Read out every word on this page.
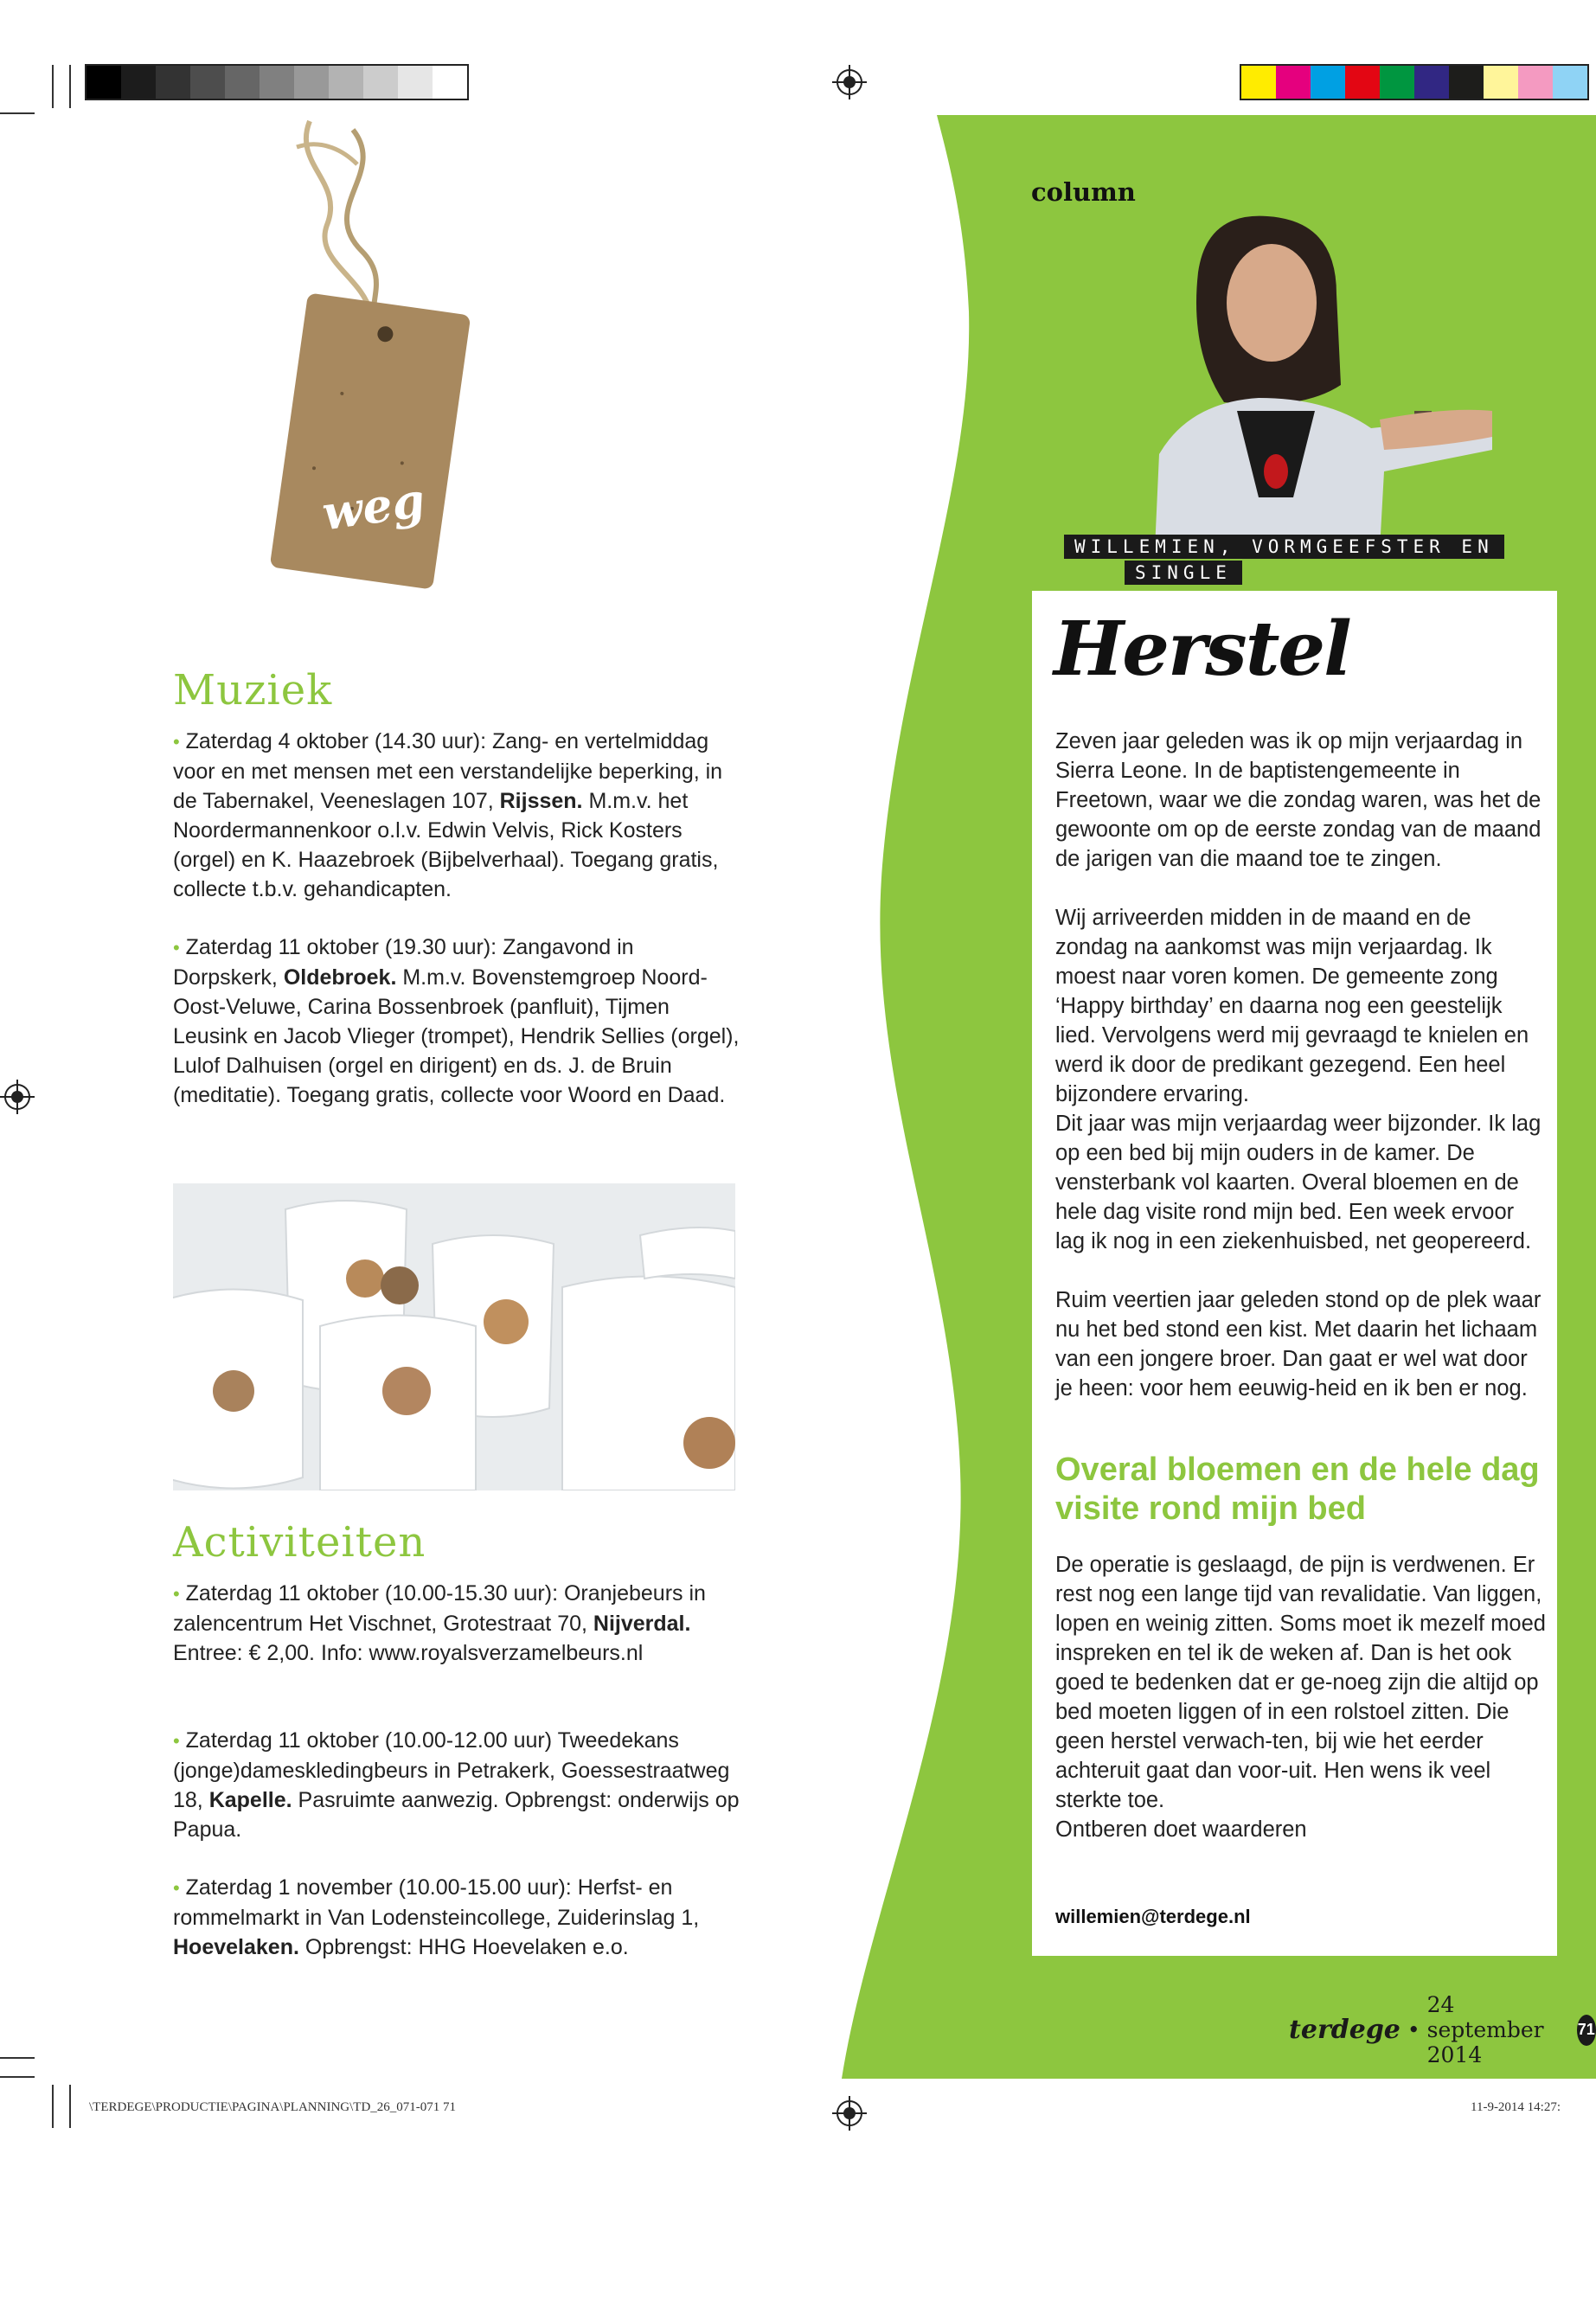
weg
Muziek
• Zaterdag 4 oktober (14.30 uur): Zang- en vertelmiddag voor en met mensen met een verstandelijke beperking, in de Tabernakel, Veeneslagen 107, Rijssen. M.m.v. het Noordermannenkoor o.l.v. Edwin Velvis, Rick Kosters (orgel) en K. Haazebroek (Bijbelverhaal). Toegang gratis, collecte t.b.v. gehandicapten.
• Zaterdag 11 oktober (19.30 uur): Zangavond in Dorpskerk, Oldebroek. M.m.v. Bovenstemgroep Noord-Oost-Veluwe, Carina Bossenbroek (panfluit), Tijmen Leusink en Jacob Vlieger (trompet), Hendrik Sellies (orgel), Lulof Dalhuisen (orgel en dirigent) en ds. J. de Bruin (meditatie). Toegang gratis, collecte voor Woord en Daad.
Activiteiten
• Zaterdag 11 oktober (10.00-15.30 uur): Oranjebeurs in zalencentrum Het Vischnet, Grotestraat 70, Nijverdal. Entree: € 2,00. Info: www.royalsverzamelbeurs.nl
• Zaterdag 11 oktober (10.00-12.00 uur) Tweedekans (jonge)dameskledingbeurs in Petrakerk, Goessestraatweg 18, Kapelle. Pasruimte aanwezig. Opbrengst: onderwijs op Papua.
• Zaterdag 1 november (10.00-15.00 uur): Herfst- en rommelmarkt in Van Lodensteincollege, Zuiderinslag 1, Hoevelaken. Opbrengst: HHG Hoevelaken e.o.
column
WILLEMIEN, VORMGEEFSTER EN
SINGLE
Herstel
Zeven jaar geleden was ik op mijn verjaardag in Sierra Leone. In de baptistengemeente in Freetown, waar we die zondag waren, was het de gewoonte om op de eerste zondag van de maand de jarigen van die maand toe te zingen.
Wij arriveerden midden in de maand en de zondag na aankomst was mijn verjaardag. Ik moest naar voren komen. De gemeente zong ‘Happy birthday’ en daarna nog een geestelijk lied. Vervolgens werd mij gevraagd te knielen en werd ik door de predikant gezegend. Een heel bijzondere ervaring.
Dit jaar was mijn verjaardag weer bijzonder. Ik lag op een bed bij mijn ouders in de kamer. De vensterbank vol kaarten. Overal bloemen en de hele dag visite rond mijn bed. Een week ervoor lag ik nog in een ziekenhuisbed, net geopereerd.
Ruim veertien jaar geleden stond op de plek waar nu het bed stond een kist. Met daarin het lichaam van een jongere broer. Dan gaat er wel wat door je heen: voor hem eeuwig-heid en ik ben er nog.
Overal bloemen en de hele dag visite rond mijn bed
De operatie is geslaagd, de pijn is verdwenen. Er rest nog een lange tijd van revalidatie. Van liggen, lopen en weinig zitten. Soms moet ik mezelf moed inspreken en tel ik de weken af. Dan is het ook goed te bedenken dat er ge-noeg zijn die altijd op bed moeten liggen of in een rolstoel zitten. Die geen herstel verwach-ten, bij wie het eerder achteruit gaat dan voor-uit. Hen wens ik veel sterkte toe.
Ontberen doet waarderen
willemien@terdege.nl
terdege •
24 september 2014
71
\TERDEGE\PRODUCTIE\PAGINA\PLANNING\TD_26_071-071 71	11-9-2014 14:27:
